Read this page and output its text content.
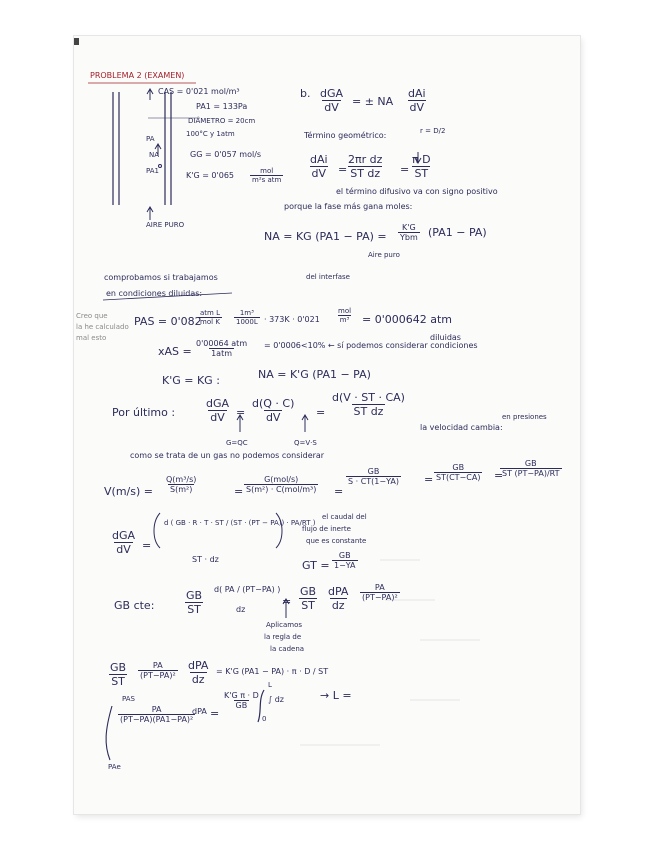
PROBLEMA 2 (EXAMEN)
CAS = 0'021 mol/m³
PA1 = 133Pa
DIÁMETRO = 20cm
100°C y 1atm
GG = 0'057 mol/s
K'G = 0'065	mol
m²s atm
PA
NA
PA1
AIRE PURO
b. dGA
dV = ± NA
dAi
dV
Término geométrico:	r = D/2
dAi
dV =
$\frac{\text{2πr dz}}{\text{ST dz}} = \frac{\text{π D}}{ST}$
el término difusivo va con signo positivo
porque la fase más gana moles:
NA = KG (PA1 − PA) =
K'G
Ybm (PA1 − PA)
Aire puro
del interfase
comprobamos si trabajamos
en condiciones diluidas:
Creo que
la he calculado
mal esto
PAS = 0'082
atm L
mol K $\frac{\text{1m³}}{1000L} \cdot 373K \cdot 0'021$
mol
m³ = 0'000642 atm
xAS =
0'00064 atm
1atm
= 0'0006<10% ← sí podemos considerar condiciones
diluidas
K'G = KG :	NA = K'G (PA1 − PA)
Por último :
dGA
dV = $\frac{d(Q \cdot C)}{dV} = \frac{d(V \cdot ST \cdot CA)}{\text{ST dz}}$
G=QC	Q=V·S
la velocidad cambia:
en presiones
como se trata de un gas no podemos considerar
$V(m/s) = \frac{\text{Q(m³/s)}}{\text{S(m²)}}$	=
G(mol/s)
S(m²) · C(mol/m³) =
$\frac{GB}{S \cdot CT(1-YA)} = \frac{GB}{ST(CT-CA)}$ =
$\frac{GB}{ST (PT-PA)/RT}$
dGA
dV =
d ( GB · R · T · ST / (ST · (PT − PA)) · PA/RT )
ST · dz
el caudal del
flujo de inerte
que es constante
GT = $\frac{GB}{1-YA}$
GB cte:	$\frac{GB}{ST}$
d( PA / (PT−PA) )
dz
= $\frac{GB}{ST}$ dPA
dz
$\frac{PA}{\text{(PT−PA)²}}$
Aplicamos
la regla de
la cadena
$\frac{GB}{ST} \frac{PA}{\text{(PT−PA)²}}$ dPA
dz
= K'G (PA1 − PA) · π · D / ST
PAS
$\frac{PA}{\text{(PT−PA)(PA1−PA)²}}$
dPA =
$\frac{\text{K'G π · D}}{GB}$ ∫ dz
L
0
→ L =
PAe
